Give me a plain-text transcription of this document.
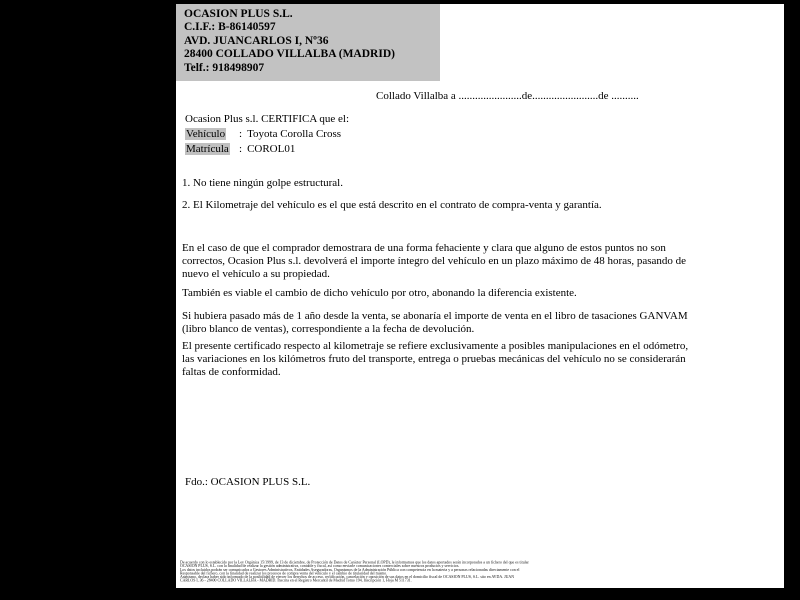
OCASION PLUS S.L.
C.I.F.: B-86140597
AVD. JUANCARLOS I, Nº36
28400 COLLADO VILLALBA (MADRID)
Telf.: 918498907
Collado Villalba a .......................de........................de ..........
Ocasion Plus s.l. CERTIFICA que el:
Vehículo : Toyota Corolla Cross
Matrícula : COROL01
1. No tiene ningún golpe estructural.
2. El Kilometraje del vehículo es el que está descrito en el contrato de compra-venta y garantía.

En el caso de que el comprador demostrara de una forma fehaciente y clara que alguno de estos puntos no son correctos, Ocasion Plus s.l. devolverá el importe íntegro del vehículo en un plazo máximo de 48 horas, pasando de nuevo el vehículo a su propiedad.

También es viable el cambio de dicho vehículo por otro, abonando la diferencia existente.

Si hubiera pasado más de 1 año desde la venta, se abonaría el importe de venta en el libro de tasaciones GANVAM (libro blanco de ventas), correspondiente a la fecha de devolución.

El presente certificado respecto al kilometraje se refiere exclusivamente a posibles manipulaciones en el odómetro, las variaciones en los kilómetros fruto del transporte, entrega o pruebas mecánicas del vehículo no se considerarán faltas de conformidad.

Fdo.: OCASION PLUS S.L.
De acuerdo con lo establecido por la Ley Orgánica 15/1999, de 13 de diciembre, de Protección de Datos de Carácter Personal (LOPD), le informamos que los datos aportados serán incorporados a un fichero del que es titular
OCASION PLUS, S.L. con la finalidad de realizar la gestión administrativa, contable y fiscal, así como enviarle comunicaciones comerciales sobre nuestros productos y servicios.
Los datos incluidos podrán ser comunicados a Gestores Administrativos, Entidades Aseguradoras, Organismos de la Administración Pública con competencia en la materia y a personas relacionadas directamente con el
Responsable del fichero, con la finalidad de realizar los procesos de compra venta del vehículo y el cambio de titularidad del mismo.
Asimismo, declara haber sido informado de la posibilidad de ejercer los derechos de acceso, rectificación, cancelación y oposición de sus datos en el domicilio fiscal de OCASION PLUS, S.L. sito en AVDA. JUAN
CARLOS I, 36 - 28400 COLLADO VILLALBA - MADRID. Inscrita en el Registro Mercantil de Madrid Tomo 194, Inscripción 1, Hoja M 511731.
